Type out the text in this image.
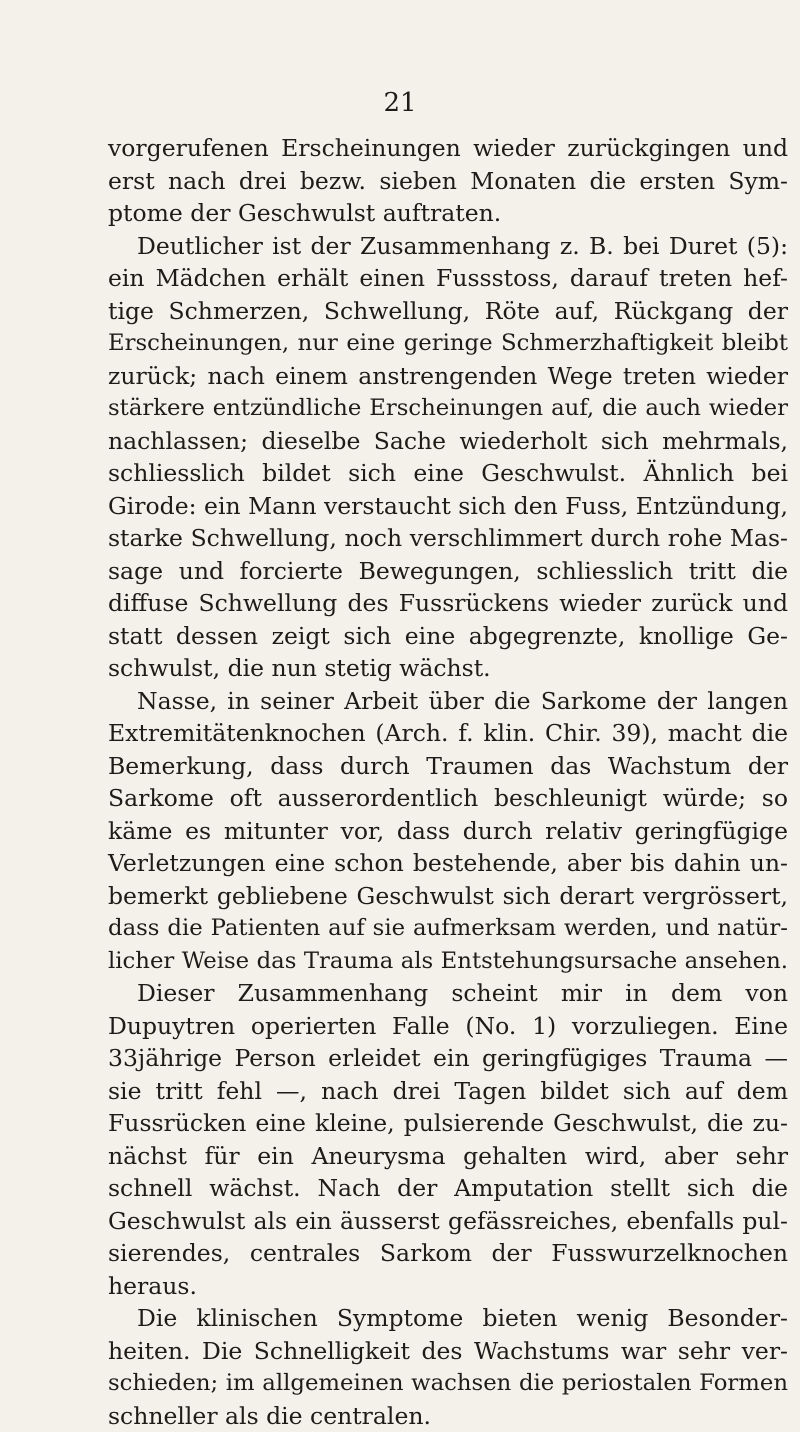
21
vorgerufenen Erscheinungen wieder zurückgingen und
erst nach drei bezw. sieben Monaten die ersten Sym-
ptome der Geschwulst auftraten.
Deutlicher ist der Zusammenhang z. B. bei Duret (5):
ein Mädchen erhält einen Fussstoss, darauf treten hef-
tige Schmerzen, Schwellung, Röte auf, Rückgang der
Erscheinungen, nur eine geringe Schmerzhaftigkeit bleibt
zurück; nach einem anstrengenden Wege treten wieder
stärkere entzündliche Erscheinungen auf, die auch wieder
nachlassen; dieselbe Sache wiederholt sich mehrmals,
schliesslich bildet sich eine Geschwulst. Ähnlich bei
Girode: ein Mann verstaucht sich den Fuss, Entzündung,
starke Schwellung, noch verschlimmert durch rohe Mas-
sage und forcierte Bewegungen, schliesslich tritt die
diffuse Schwellung des Fussrückens wieder zurück und
statt dessen zeigt sich eine abgegrenzte, knollige Ge-
schwulst, die nun stetig wächst.
Nasse, in seiner Arbeit über die Sarkome der langen
Extremitätenknochen (Arch. f. klin. Chir. 39), macht die
Bemerkung, dass durch Traumen das Wachstum der
Sarkome oft ausserordentlich beschleunigt würde; so
käme es mitunter vor, dass durch relativ geringfügige
Verletzungen eine schon bestehende, aber bis dahin un-
bemerkt gebliebene Geschwulst sich derart vergrössert,
dass die Patienten auf sie aufmerksam werden, und natür-
licher Weise das Trauma als Entstehungsursache ansehen.
Dieser Zusammenhang scheint mir in dem von
Dupuytren operierten Falle (No. 1) vorzuliegen. Eine
33jährige Person erleidet ein geringfügiges Trauma —
sie tritt fehl —, nach drei Tagen bildet sich auf dem
Fussrücken eine kleine, pulsierende Geschwulst, die zu-
nächst für ein Aneurysma gehalten wird, aber sehr
schnell wächst. Nach der Amputation stellt sich die
Geschwulst als ein äusserst gefässreiches, ebenfalls pul-
sierendes, centrales Sarkom der Fusswurzelknochen
heraus.
Die klinischen Symptome bieten wenig Besonder-
heiten. Die Schnelligkeit des Wachstums war sehr ver-
schieden; im allgemeinen wachsen die periostalen Formen
schneller als die centralen.
